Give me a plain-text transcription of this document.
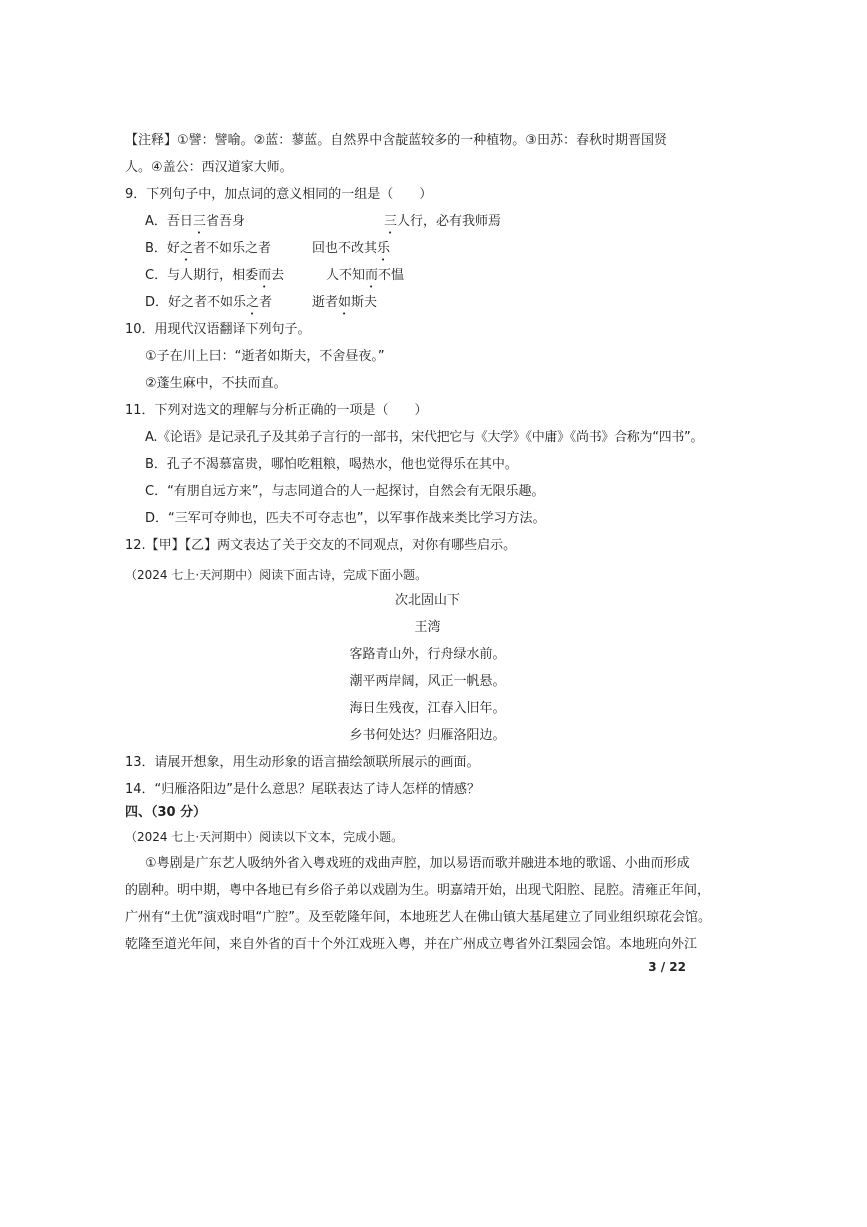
【注释】①譬：譬喻。②蓝：蓼蓝。自然界中含靛蓝较多的一种植物。③田苏：春秋时期晋国贤
人。④盖公：西汉道家大师。
9．下列句子中，加点词的意义相同的一组是（　　）
A．吾日三省吾身	三人行，必有我师焉
B．好之者不如乐之者	回也不改其乐
C．与人期行，相委而去	人不知而不愠
D．好之者不如乐之者	逝者如斯夫
10．用现代汉语翻译下列句子。
①子在川上曰：“逝者如斯夫，不舍昼夜。”
②蓬生麻中，不扶而直。
11．下列对选文的理解与分析正确的一项是（　　）
A.《论语》是记录孔子及其弟子言行的一部书，宋代把它与《大学》《中庸》《尚书》合称为“四书”。
B．孔子不渴慕富贵，哪怕吃粗粮，喝热水，他也觉得乐在其中。
C．“有朋自远方来”，与志同道合的人一起探讨，自然会有无限乐趣。
D．“三军可夺帅也，匹夫不可夺志也”，以军事作战来类比学习方法。
12.【甲】【乙】两文表达了关于交友的不同观点，对你有哪些启示。
（2024 七上·天河期中）阅读下面古诗，完成下面小题。
次北固山下
王湾
客路青山外，行舟绿水前。
潮平两岸阔，风正一帆悬。
海日生残夜，江春入旧年。
乡书何处达？归雁洛阳边。
13．请展开想象，用生动形象的语言描绘颔联所展示的画面。
14．“归雁洛阳边”是什么意思？尾联表达了诗人怎样的情感？
四、（30 分）
（2024 七上·天河期中）阅读以下文本，完成小题。
①粤剧是广东艺人吸纳外省入粤戏班的戏曲声腔，加以易语而歌并融进本地的歌谣、小曲而形成
的剧种。明中期，粤中各地已有乡俗子弟以戏剧为生。明嘉靖开始，出现弋阳腔、昆腔。清雍正年间，
广州有“土优”演戏时唱“广腔”。及至乾隆年间，本地班艺人在佛山镇大基尾建立了同业组织琼花会馆。
乾隆至道光年间，来自外省的百十个外江戏班入粤，并在广州成立粤省外江梨园会馆。本地班向外江
3 / 22
